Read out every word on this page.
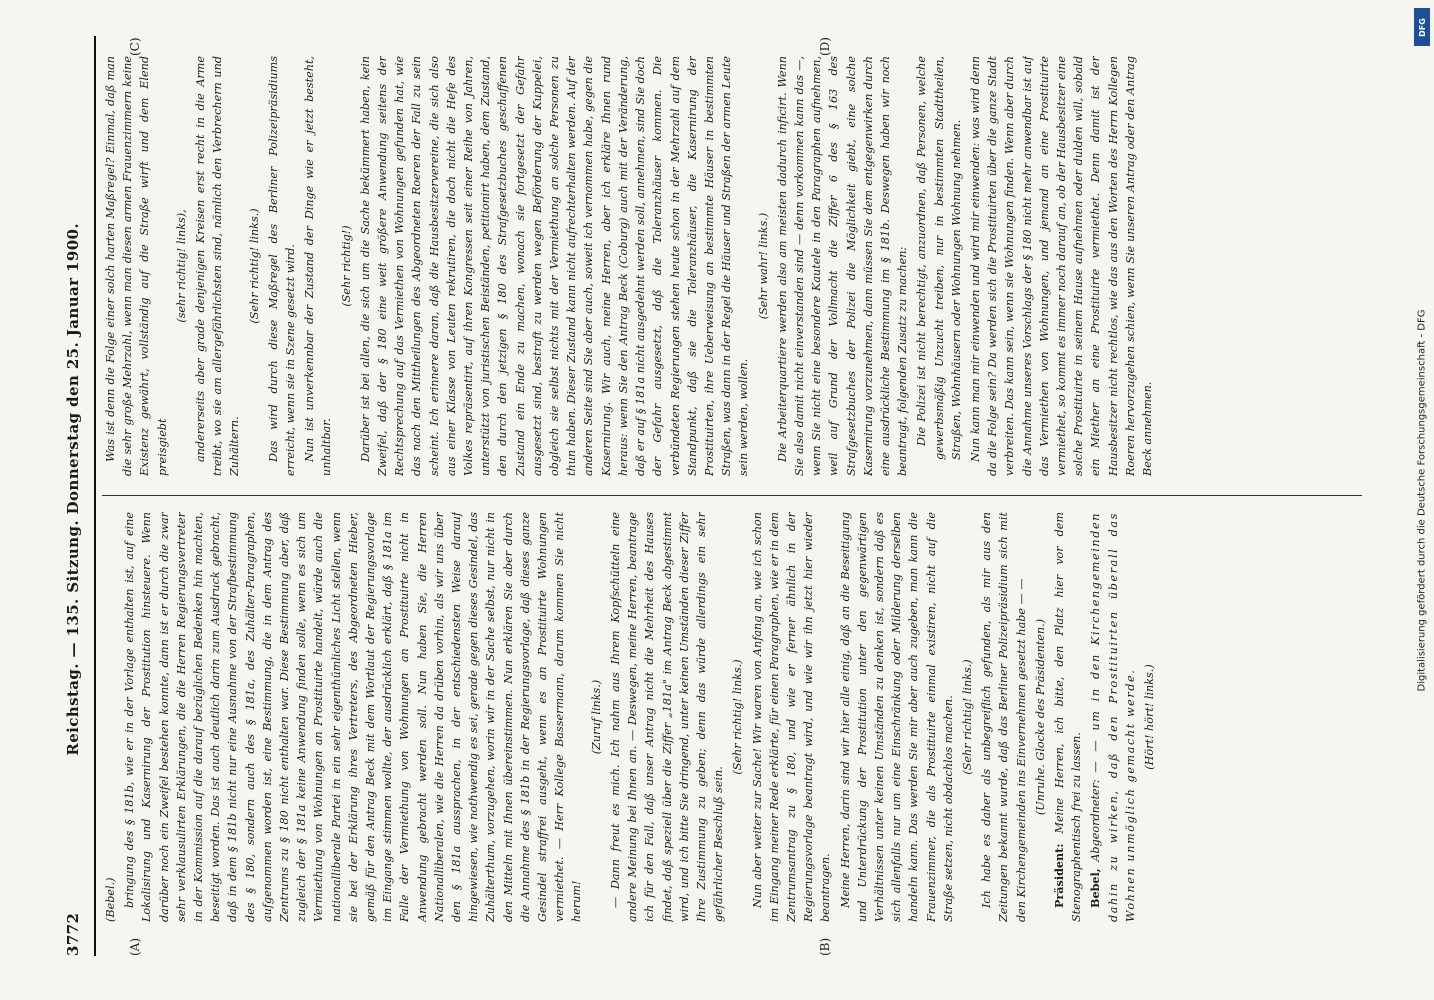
3772
Reichstag. — 135. Sitzung. Donnerstag den 25. Januar 1900.
(A)	(B)
(C)	(D)

(Bebel.) bringung des § 181b, wie er in der Vorlage enthalten ist, auf eine Lokalisirung und Kasernirung der Prostitution hinsteuere. Wenn darüber noch ein Zweifel bestehen konnte, dann ist er durch die zwar sehr verklausulirten Erklärungen, die die Herren Regierungsvertreter in der Kommission auf die darauf bezüglichen Bedenken hin machten, beseitigt worden. Das ist auch deutlich darin zum Ausdruck gebracht, daß in dem § 181b nicht nur eine Ausnahme von der Strafbestimmung des § 180, sondern auch des § 181a, des Zuhälter-Paragraphen, aufgenommen worden ist, eine Bestimmung, die in dem Antrag des Zentrums zu § 180 nicht enthalten war. Diese Bestimmung aber, daß zugleich der § 181a keine Anwendung finden solle, wenn es sich um Vermiethung von Wohnungen an Prostituirte handelt, würde auch die nationalliberale Partei in ein sehr eigenthümliches Licht stellen, wenn sie bei der Erklärung ihres Vertreters, des Abgeordneten Hieber, gemäß für den Antrag Beck mit dem Wortlaut der Regierungsvorlage im Eingange stimmen wollte, der ausdrücklich erklärt, daß § 181a im Falle der Vermiethung von Wohnungen an Prostituirte nicht in Anwendung gebracht werden soll. Nun haben Sie, die Herren Nationalliberalen, wie die Herren da drüben vorhin, als wir uns über den § 181a aussprachen, in der entschiedensten Weise darauf hingewiesen, wie nothwendig es sei, gerade gegen dieses Gesindel, das Zuhälterthum, vorzugehen, worin wir in der Sache selbst, nur nicht in den Mitteln mit Ihnen übereinstimmen. Nun erklären Sie aber durch die Annahme des § 181b in der Regierungsvorlage, daß dieses ganze Gesindel straffrei ausgeht, wenn es an Prostituirte Wohnungen vermiethet. — Herr Kollege Bassermann, darum kommen Sie nicht herum!

(Zuruf links.) — Dann freut es mich. Ich nahm aus Ihrem Kopfschütteln eine andere Meinung bei Ihnen an. — Deswegen, meine Herren, beantrage ich für den Fall, daß unser Antrag nicht die Mehrheit des Hauses findet, daß speziell über die Ziffer „181a" im Antrag Beck abgestimmt wird, und ich bitte Sie dringend, unter keinen Umständen dieser Ziffer Ihre Zustimmung zu geben; denn das würde allerdings ein sehr gefährlicher Beschluß sein.

(Sehr richtig! links.) Nun aber weiter zur Sache! Wir waren von Anfang an, wie ich schon im Eingang meiner Rede erklärte, für einen Paragraphen, wie er in dem Zentrumsantrag zu § 180, und wie er ferner ähnlich in der Regierungsvorlage beantragt wird, und wie wir ihn jetzt hier wieder beantragen. Meine Herren, darin sind wir hier alle einig, daß an die Beseitigung und Unterdrückung der Prostitution unter den gegenwärtigen Verhältnissen unter keinen Umständen zu denken ist, sondern daß es sich allenfalls nur um eine Einschränkung oder Milderung derselben handeln kann. Das werden Sie mir aber auch zugeben, man kann die Frauenzimmer, die als Prostituirte einmal existiren, nicht auf die Straße setzen, nicht obdachlos machen. (Sehr richtig! links.) Ich habe es daher als unbegreiflich gefunden, als mir aus den Zeitungen bekannt wurde, daß das Berliner Polizeipräsidium sich mit den Kirchengemeinden ins Einvernehmen gesetzt habe — — (Unruhe. Glocke des Präsidenten.)

Präsident: Meine Herren, ich bitte, den Platz hier vor dem Stenographentisch frei zu lassen. Bebel, Abgeordneter: — — um in den Kirchengemeinden dahin zu wirken, daß den Prostituirten überall das Wohnen unmöglich gemacht werde. (Hört! hört! links.)

Was ist denn die Folge einer solch harten Maßregel? Einmal, daß man die sehr große Mehrzahl, wenn man diesen armen Frauenzimmern keine Existenz gewährt, vollständig auf die Straße wirft und dem Elend preisgiebt

(sehr richtig! links), andererseits aber grade denjenigen Kreisen erst recht in die Arme treibt, wo sie am allergefährlichsten sind, nämlich den Verbrechern und Zuhältern.

(Sehr richtig! links.) Das wird durch diese Maßregel des Berliner Polizeipräsidiums erreicht, wenn sie in Szene gesetzt wird. Nun ist unverkennbar der Zustand der Dinge wie er jetzt besteht, unhaltbar.

(Sehr richtig!) Darüber ist bei allen, die sich um die Sache bekümmert haben, kein Zweifel, daß der § 180 eine weit größere Anwendung seitens der Rechtsprechung auf das Vermiethen von Wohnungen gefunden hat, wie das nach den Mittheilungen des Abgeordneten Roeren der Fall zu sein scheint. Ich erinnere daran, daß die Hausbesitzervereine, die sich also aus einer Klasse von Leuten rekrutiren, die doch nicht die Hefe des Volkes repräsentirt, auf ihren Kongressen seit einer Reihe von Jahren, unterstützt von juristischen Beiständen, petitionirt haben, dem Zustand, den durch den jetzigen § 180 des Strafgesetzbuches geschaffenen Zustand ein Ende zu machen, wonach sie fortgesetzt der Gefahr ausgesetzt sind, bestraft zu werden wegen Beförderung der Kuppelei, obgleich sie selbst nichts mit der Vermiethung an solche Personen zu thun haben. Dieser Zustand kann nicht aufrechterhalten werden. Auf der anderen Seite sind Sie aber auch, soweit ich vernommen habe, gegen die Kasernirung. Wir auch, meine Herren, aber ich erkläre Ihnen rund heraus: wenn Sie den Antrag Beck (Coburg) auch mit der Veränderung, daß er auf § 181a nicht ausgedehnt werden soll, annehmen, sind Sie doch der Gefahr ausgesetzt, daß die Toleranzhäuser kommen. Die verbündeten Regierungen stehen heute schon in der Mehrzahl auf dem Standpunkt, daß sie die Toleranzhäuser, die Kasernirung der Prostituirten, ihre Ueberweisung an bestimmte Häuser in bestimmten Straßen, was dann in der Regel die Häuser und Straßen der armen Leute sein werden, wollen.

(Sehr wahr! links.) Die Arbeiterquartiere werden also am meisten dadurch inficirt. Wenn Sie also damit nicht einverstanden sind — denn vorkommen kann das —, wenn Sie nicht eine besondere Kautele in den Paragraphen aufnehmen, weil auf Grund der Vollmacht die Ziffer 6 des § 163 des Strafgesetzbuches der Polizei die Möglichkeit giebt, eine solche Kasernirung vorzunehmen, dann müssen Sie dem entgegenwirken durch eine ausdrückliche Bestimmung im § 181b. Deswegen haben wir noch beantragt, folgenden Zusatz zu machen: Die Polizei ist nicht berechtigt, anzuordnen, daß Personen, welche gewerbsmäßig Unzucht treiben, nur in bestimmten Stadttheilen, Straßen, Wohnhäusern oder Wohnungen Wohnung nehmen. Nun kann man mir einwenden und wird mir einwenden: was wird denn da die Folge sein? Da werden sich die Prostituirten über die ganze Stadt verbreiten. Das kann sein, wenn sie Wohnungen finden. Wenn aber durch die Annahme unseres Vorschlags der § 180 nicht mehr anwendbar ist auf das Vermiethen von Wohnungen, und jemand an eine Prostituirte vermiethet, so kommt es immer noch darauf an, ob der Hausbesitzer eine solche Prostituirte in seinem Hause aufnehmen oder dulden will, sobald ein Miether an eine Prostituirte vermiethet. Denn damit ist der Hausbesitzer nicht rechtlos, wie das aus den Worten des Herrn Kollegen Roeren hervorzugehen schien, wenn Sie unseren Antrag oder den Antrag Beck annehmen.	Digitalisierung gefördert durch die Deutsche Forschungsgemeinschaft - DFG
DFG
